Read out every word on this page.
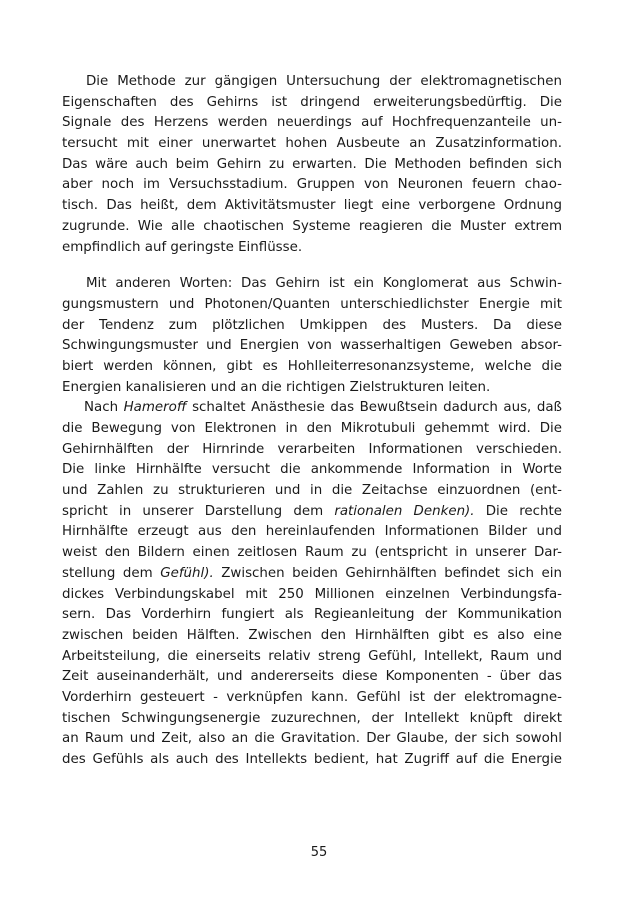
Die Methode zur gängigen Untersuchung der elektromagnetischen
Eigenschaften des Gehirns ist dringend erweiterungsbedürftig. Die
Signale des Herzens werden neuerdings auf Hochfrequenzanteile un-
tersucht mit einer unerwartet hohen Ausbeute an Zusatzinformation.
Das wäre auch beim Gehirn zu erwarten. Die Methoden befinden sich
aber noch im Versuchsstadium. Gruppen von Neuronen feuern chao-
tisch. Das heißt, dem Aktivitätsmuster liegt eine verborgene Ordnung
zugrunde. Wie alle chaotischen Systeme reagieren die Muster extrem
empfindlich auf geringste Einflüsse.
Mit anderen Worten: Das Gehirn ist ein Konglomerat aus Schwin-
gungsmustern und Photonen/Quanten unterschiedlichster Energie mit
der Tendenz zum plötzlichen Umkippen des Musters. Da diese
Schwingungsmuster und Energien von wasserhaltigen Geweben absor-
biert werden können, gibt es Hohlleiterresonanzsysteme, welche die
Energien kanalisieren und an die richtigen Zielstrukturen leiten.
Nach Hameroff schaltet Anästhesie das Bewußtsein dadurch aus, daß
die Bewegung von Elektronen in den Mikrotubuli gehemmt wird. Die
Gehirnhälften der Hirnrinde verarbeiten Informationen verschieden.
Die linke Hirnhälfte versucht die ankommende Information in Worte
und Zahlen zu strukturieren und in die Zeitachse einzuordnen (ent-
spricht in unserer Darstellung dem rationalen Denken). Die rechte
Hirnhälfte erzeugt aus den hereinlaufenden Informationen Bilder und
weist den Bildern einen zeitlosen Raum zu (entspricht in unserer Dar-
stellung dem Gefühl). Zwischen beiden Gehirnhälften befindet sich ein
dickes Verbindungskabel mit 250 Millionen einzelnen Verbindungsfa-
sern. Das Vorderhirn fungiert als Regieanleitung der Kommunikation
zwischen beiden Hälften. Zwischen den Hirnhälften gibt es also eine
Arbeitsteilung, die einerseits relativ streng Gefühl, Intellekt, Raum und
Zeit auseinanderhält, und andererseits diese Komponenten - über das
Vorderhirn gesteuert - verknüpfen kann. Gefühl ist der elektromagne-
tischen Schwingungsenergie zuzurechnen, der Intellekt knüpft direkt
an Raum und Zeit, also an die Gravitation. Der Glaube, der sich sowohl
des Gefühls als auch des Intellekts bedient, hat Zugriff auf die Energie
55
